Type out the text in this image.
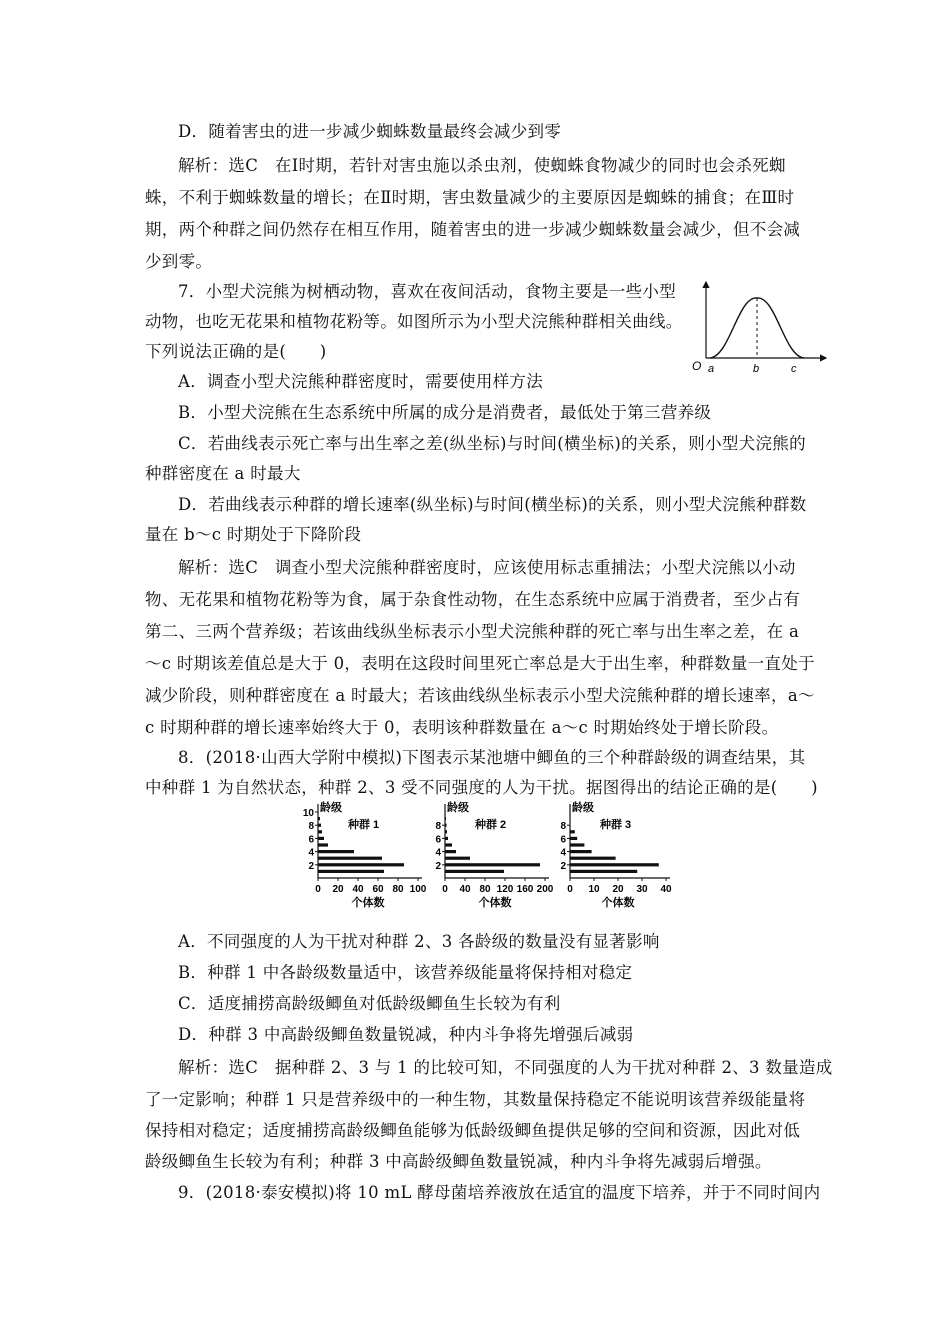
D．随着害虫的进一步减少蜘蛛数量最终会减少到零
解析：选C　在Ⅰ时期，若针对害虫施以杀虫剂，使蜘蛛食物减少的同时也会杀死蜘
蛛，不利于蜘蛛数量的增长；在Ⅱ时期，害虫数量减少的主要原因是蜘蛛的捕食；在Ⅲ时
期，两个种群之间仍然存在相互作用，随着害虫的进一步减少蜘蛛数量会减少，但不会减
少到零。
7．小型犬浣熊为树栖动物，喜欢在夜间活动，食物主要是一些小型
动物，也吃无花果和植物花粉等。如图所示为小型犬浣熊种群相关曲线。
下列说法正确的是(　　)
O a	b	c
A．调查小型犬浣熊种群密度时，需要使用样方法
B．小型犬浣熊在生态系统中所属的成分是消费者，最低处于第三营养级
C．若曲线表示死亡率与出生率之差(纵坐标)与时间(横坐标)的关系，则小型犬浣熊的
种群密度在 a 时最大
D．若曲线表示种群的增长速率(纵坐标)与时间(横坐标)的关系，则小型犬浣熊种群数
量在 b～c 时期处于下降阶段
解析：选C　调查小型犬浣熊种群密度时，应该使用标志重捕法；小型犬浣熊以小动
物、无花果和植物花粉等为食，属于杂食性动物，在生态系统中应属于消费者，至少占有
第二、三两个营养级；若该曲线纵坐标表示小型犬浣熊种群的死亡率与出生率之差，在 a
～c 时期该差值总是大于 0，表明在这段时间里死亡率总是大于出生率，种群数量一直处于
减少阶段，则种群密度在 a 时最大；若该曲线纵坐标表示小型犬浣熊种群的增长速率，a～
c 时期种群的增长速率始终大于 0，表明该种群数量在 a～c 时期始终处于增长阶段。
8．(2018·山西大学附中模拟)下图表示某池塘中鲫鱼的三个种群龄级的调查结果，其
中种群 1 为自然状态，种群 2、3 受不同强度的人为干扰。据图得出的结论正确的是(　　)
龄级
种群 1
2
4
6
8
10
0 20 40 60 80 100
个体数
龄级
种群 2
2
4
6
8
0 40 80 120 160 200
个体数
龄级
种群 3
2
4
6
8
0 10 20 30 40
个体数
A．不同强度的人为干扰对种群 2、3 各龄级的数量没有显著影响
B．种群 1 中各龄级数量适中，该营养级能量将保持相对稳定
C．适度捕捞高龄级鲫鱼对低龄级鲫鱼生长较为有利
D．种群 3 中高龄级鲫鱼数量锐减，种内斗争将先增强后减弱
解析：选C　据种群 2、3 与 1 的比较可知，不同强度的人为干扰对种群 2、3 数量造成
了一定影响；种群 1 只是营养级中的一种生物，其数量保持稳定不能说明该营养级能量将
保持相对稳定；适度捕捞高龄级鲫鱼能够为低龄级鲫鱼提供足够的空间和资源，因此对低
龄级鲫鱼生长较为有利；种群 3 中高龄级鲫鱼数量锐减，种内斗争将先减弱后增强。
9．(2018·泰安模拟)将 10 mL 酵母菌培养液放在适宜的温度下培养，并于不同时间内
